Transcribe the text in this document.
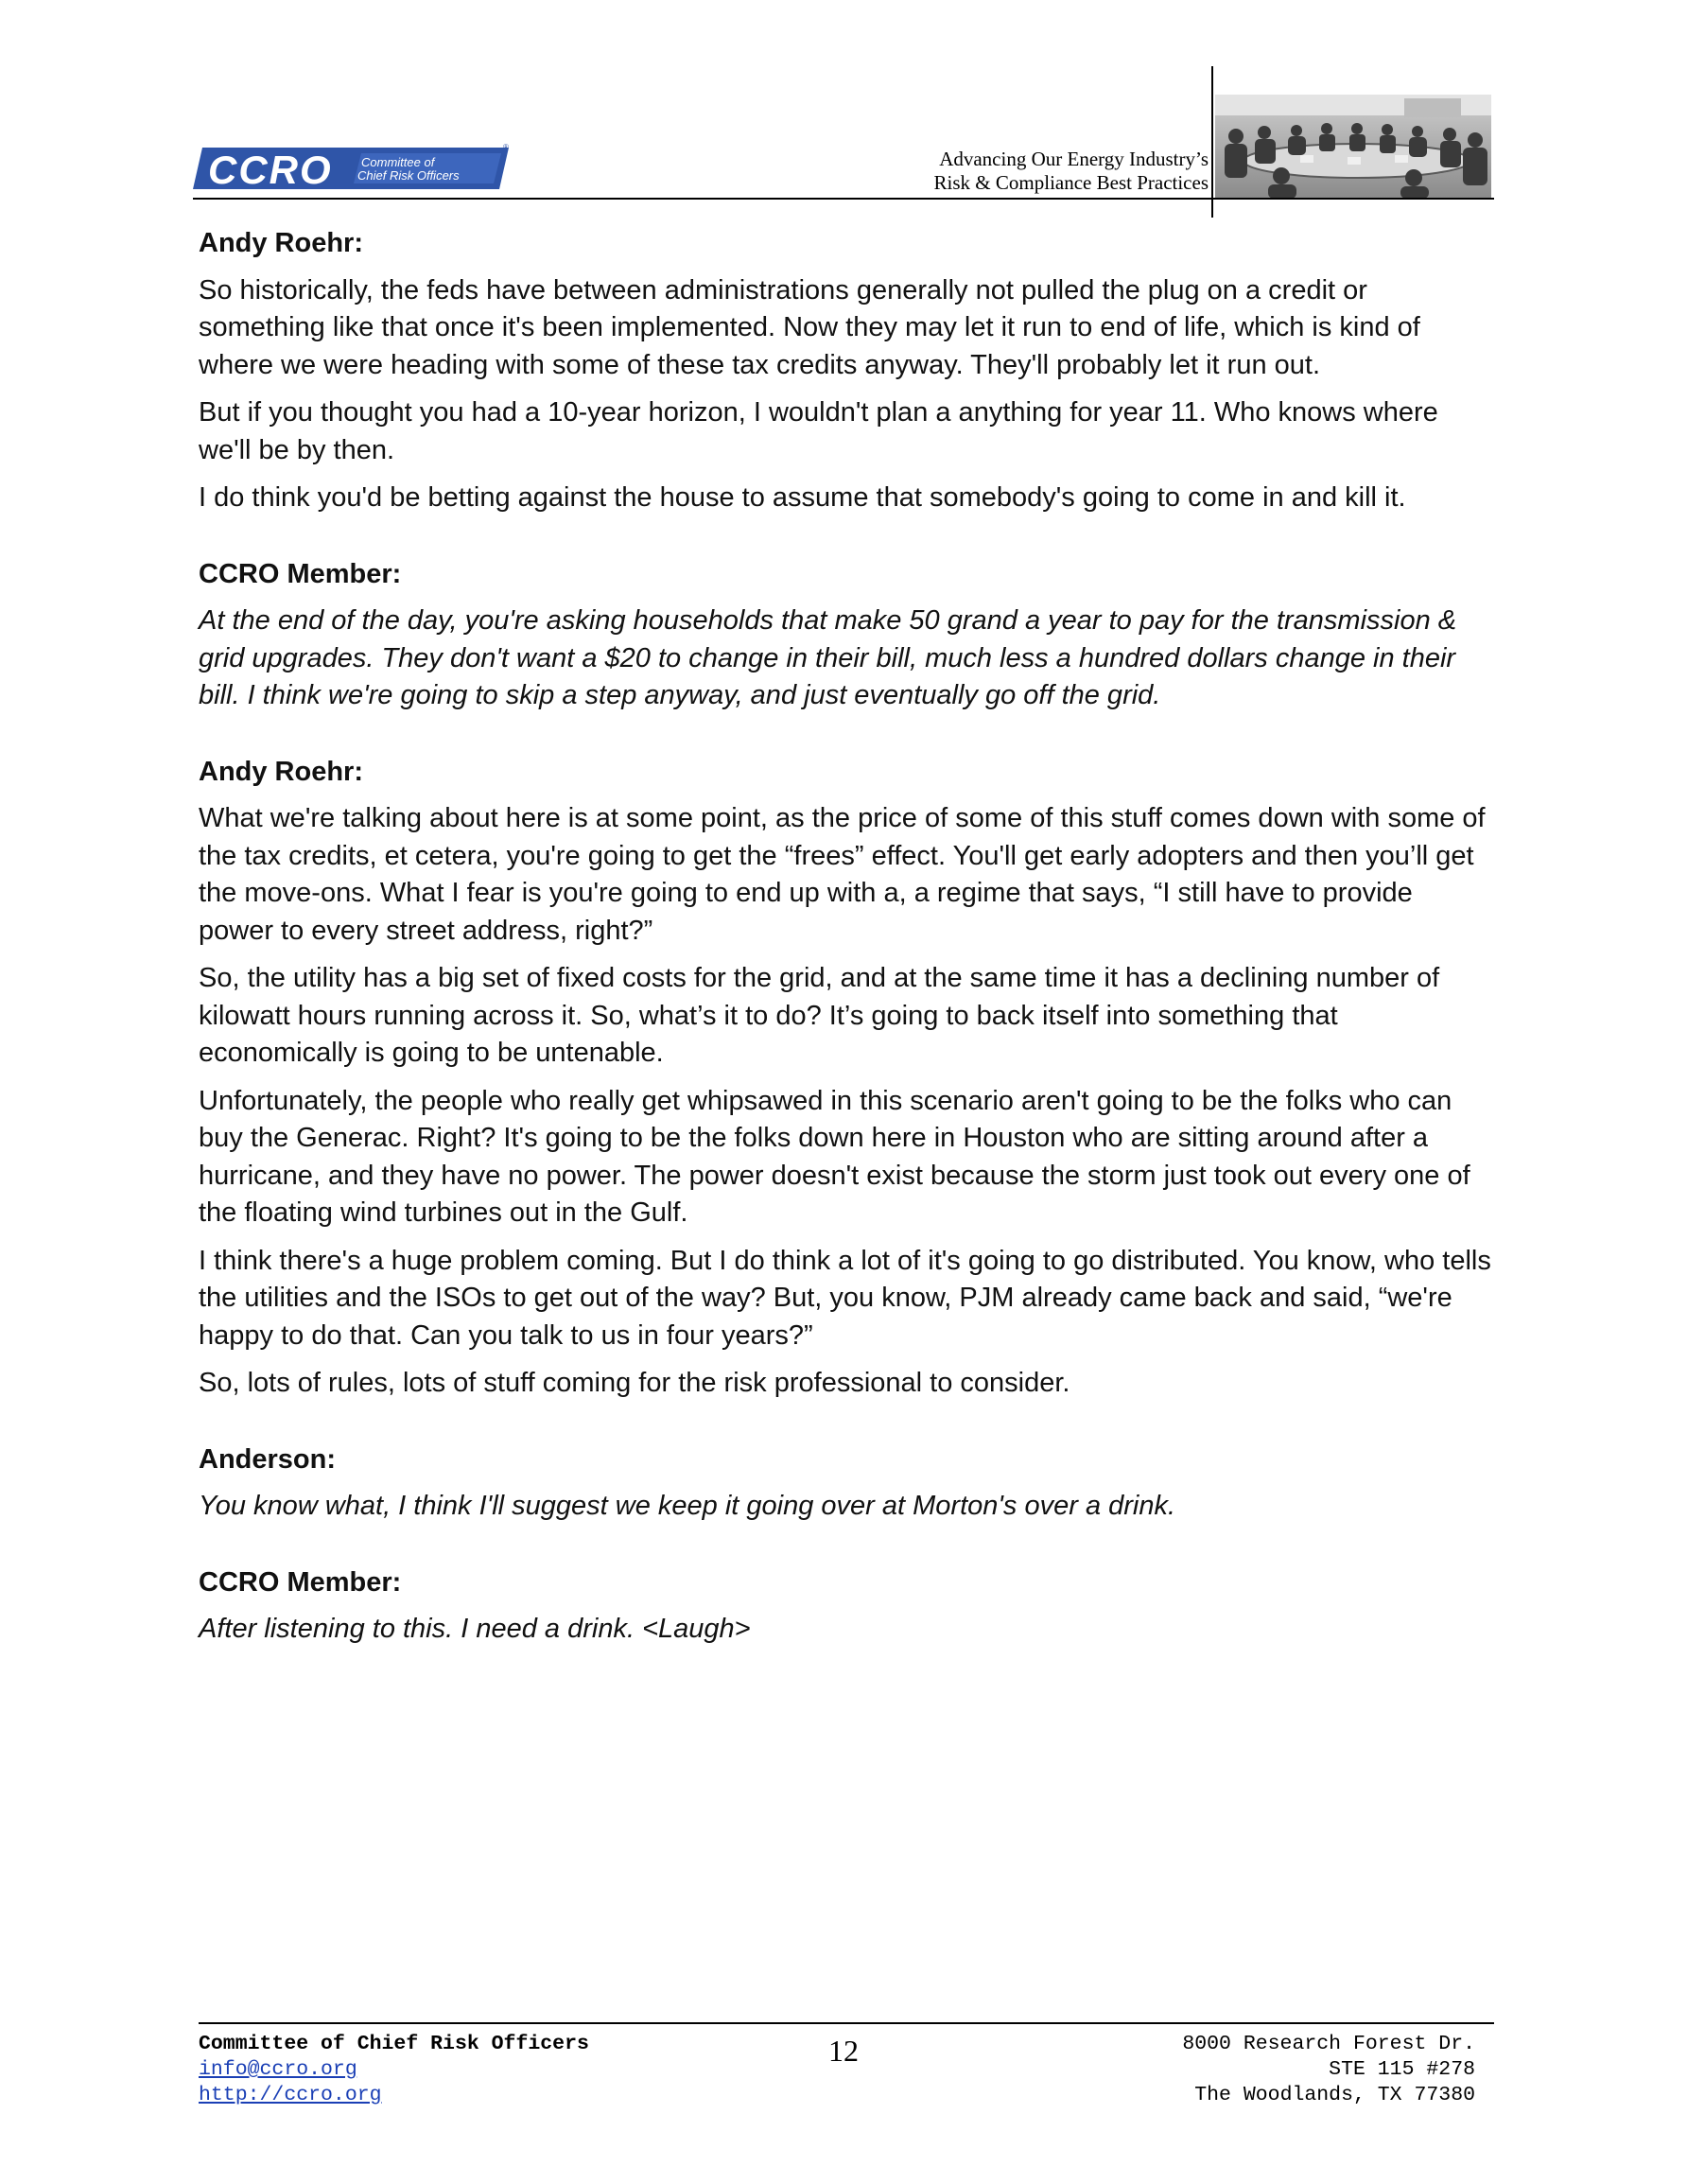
CCRO Committee of
Chief Risk Officers
®
Advancing Our Energy Industry’s
Risk & Compliance Best Practices
Andy Roehr:

So historically, the feds have between administrations generally not pulled the plug on a credit or something like that once it's been implemented. Now they may let it run to end of life, which is kind of where we were heading with some of these tax credits anyway. They'll probably let it run out.

But if you thought you had a 10-year horizon, I wouldn't plan a anything for year 11. Who knows where we'll be by then.

I do think you'd be betting against the house to assume that somebody's going to come in and kill it.

CCRO Member:

At the end of the day, you're asking households that make 50 grand a year to pay for the transmission & grid upgrades. They don't want a $20 to change in their bill, much less a hundred dollars change in their bill. I think we're going to skip a step anyway, and just eventually go off the grid.

Andy Roehr:

What we're talking about here is at some point, as the price of some of this stuff comes down with some of the tax credits, et cetera, you're going to get the “frees” effect. You'll get early adopters and then you’ll get the move-ons. What I fear is you're going to end up with a, a regime that says, “I still have to provide power to every street address, right?”

So, the utility has a big set of fixed costs for the grid, and at the same time it has a declining number of kilowatt hours running across it. So, what’s it to do? It’s going to back itself into something that economically is going to be untenable.

Unfortunately, the people who really get whipsawed in this scenario aren't going to be the folks who can buy the Generac. Right? It's going to be the folks down here in Houston who are sitting around after a hurricane, and they have no power. The power doesn't exist because the storm just took out every one of the floating wind turbines out in the Gulf.

I think there's a huge problem coming. But I do think a lot of it's going to go distributed. You know, who tells the utilities and the ISOs to get out of the way? But, you know, PJM already came back and said, “we're happy to do that. Can you talk to us in four years?”

So, lots of rules, lots of stuff coming for the risk professional to consider.

Anderson:

You know what, I think I'll suggest we keep it going over at Morton's over a drink.

CCRO Member:

After listening to this. I need a drink. <Laugh>

Committee of Chief Risk Officers
info@ccro.org
http://ccro.org
12	8000 Research Forest Dr.
STE 115 #278
The Woodlands, TX 77380
